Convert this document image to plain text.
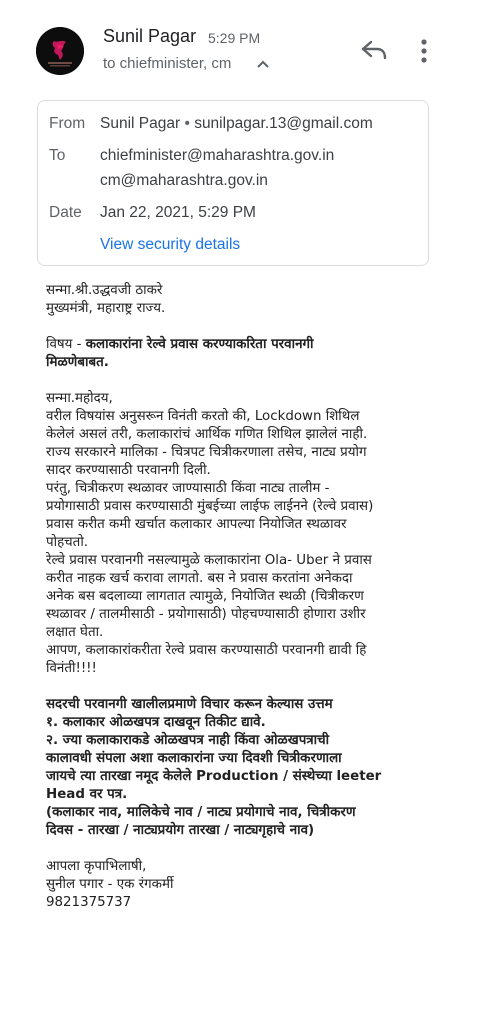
Sunil Pagar 5:29 PM
to chiefminister, cm
From Sunil Pagar • sunilpagar.13@gmail.com
To chiefminister@maharashtra.gov.in
cm@maharashtra.gov.in
Date Jan 22, 2021, 5:29 PM
View security details
सन्मा.श्री.उद्धवजी ठाकरे
मुख्यमंत्री, महाराष्ट्र राज्य.
विषय - कलाकारांना रेल्वे प्रवास करण्याकरिता परवानगी
मिळणेबाबत.
सन्मा.महोदय,
वरील विषयांस अनुसरून विनंती करतो की, Lockdown शिथिल
केलेलं असलं तरी, कलाकारांचं आर्थिक गणित शिथिल झालेलं नाही.
राज्य सरकारने मालिका - चित्रपट चित्रीकरणाला तसेच, नाट्य प्रयोग
सादर करण्यासाठी परवानगी दिली.
परंतु, चित्रीकरण स्थळावर जाण्यासाठी किंवा नाट्य तालीम -
प्रयोगासाठी प्रवास करण्यासाठी मुंबईच्या लाईफ लाईनने (रेल्वे प्रवास)
प्रवास करीत कमी खर्चात कलाकार आपल्या नियोजित स्थळावर
पोहचतो.
रेल्वे प्रवास परवानगी नसल्यामुळे कलाकारांना Ola- Uber ने प्रवास
करीत नाहक खर्च करावा लागतो. बस ने प्रवास करतांना अनेकदा
अनेक बस बदलाव्या लागतात त्यामुळे, नियोजित स्थळी (चित्रीकरण
स्थळावर / तालमीसाठी - प्रयोगासाठी) पोहचण्यासाठी होणारा उशीर
लक्षात घेता.
आपण, कलाकारांकरीता रेल्वे प्रवास करण्यासाठी परवानगी द्यावी हि
विनंती!!!!
सदरची परवानगी खालीलप्रमाणे विचार करून केल्यास उत्तम
१. कलाकार ओळखपत्र दाखवून तिकीट द्यावे.
२. ज्या कलाकाराकडे ओळखपत्र नाही किंवा ओळखपत्राची
कालावधी संपला अशा कलाकारांना ज्या दिवशी चित्रीकरणाला
जायचे त्या तारखा नमूद केलेले Production / संस्थेच्या leeter
Head वर पत्र.
(कलाकार नाव, मालिकेचे नाव / नाट्य प्रयोगाचे नाव, चित्रीकरण
दिवस - तारखा / नाट्यप्रयोग तारखा / नाट्यगृहाचे नाव)
आपला कृपाभिलाषी,
सुनील पगार - एक रंगकर्मी
9821375737
